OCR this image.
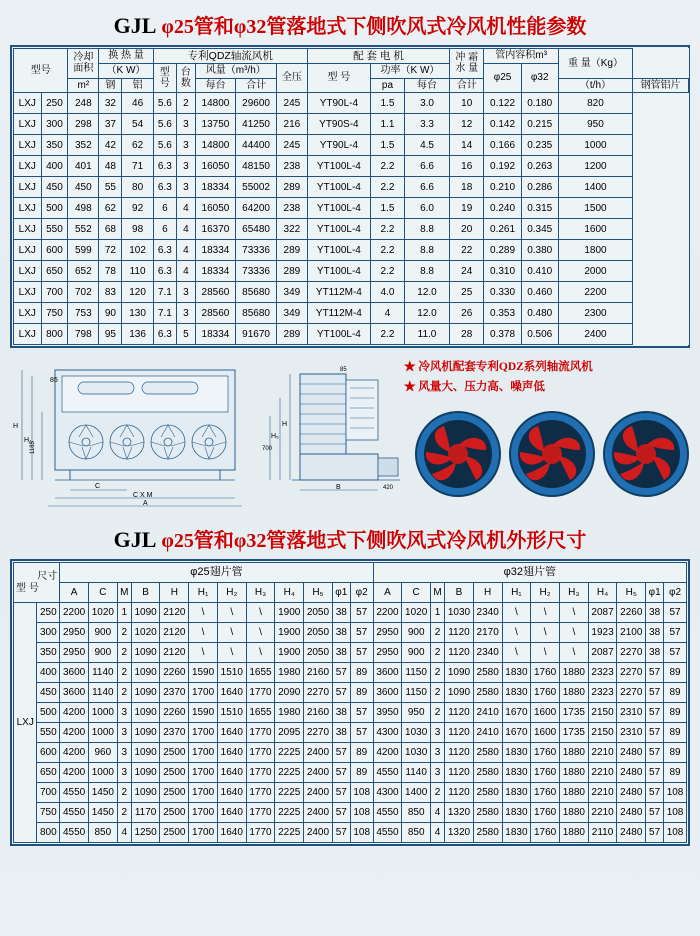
GJL φ25管和φ32管落地式下侧吹风式冷风机性能参数
型号		冷却
面积	换 热 量		专利QDZ轴流风机					配 套 电 机			冲 霜
水 量	管内容积m³		重 量（Kg）	
			（K W）		型
号	台
数	风量（m³/h）		全压	型 号	功率（K W）			φ25	φ32		
		m²	钢	铝			每台	合计			pa	每台	合计			（t/h）	钢管铝片
LXJ	250	248	32	46	5.6	2	14800	29600	245	YT90L-4	1.5	3.0	10	0.122	0.180	820	
LXJ	300	298	37	54	5.6	3	13750	41250	216	YT90S-4	1.1	3.3	12	0.142	0.215	950	
LXJ	350	352	42	62	5.6	3	14800	44400	245	YT90L-4	1.5	4.5	14	0.166	0.235	1000	
LXJ	400	401	48	71	6.3	3	16050	48150	238	YT100L-4	2.2	6.6	16	0.192	0.263	1200	
LXJ	450	450	55	80	6.3	3	18334	55002	289	YT100L-4	2.2	6.6	18	0.210	0.286	1400	
LXJ	500	498	62	92	6	4	16050	64200	238	YT100L-4	1.5	6.0	19	0.240	0.315	1500	
LXJ	550	552	68	98	6	4	16370	65480	322	YT100L-4	2.2	8.8	20	0.261	0.345	1600	
LXJ	600	599	72	102	6.3	4	18334	73336	289	YT100L-4	2.2	8.8	22	0.289	0.380	1800	
LXJ	650	652	78	110	6.3	4	18334	73336	289	YT100L-4	2.2	8.8	24	0.310	0.410	2000	
LXJ	700	702	83	120	7.1	3	28560	85680	349	YT112M-4	4.0	12.0	25	0.330	0.460	2200	
LXJ	750	753	90	130	7.1	3	28560	85680	349	YT112M-4	4	12.0	26	0.353	0.480	2300	
LXJ	800	798	95	136	6.3	5	18334	91670	289	YT100L-4	2.2	11.0	28	0.378	0.506	2400	
★ 冷风机配套专利QDZ系列轴流风机
★ 风量大、压力高、噪声低
H
H₁
1185
C
C X M
A
85
H
H₅
700
B	420
85
GJL φ25管和φ32管落地式下侧吹风式冷风机外形尺寸
尺寸
型 号		φ25翅片管												φ32翅片管											
		A	C	M	B	H	H₁	H₂	H₃	H₄	H₅	φ1	φ2	A	C	M	B	H	H₁	H₂	H₃	H₄	H₅	φ1	φ2
LXJ	250	2200	1020	1	1090	2120	\	\	\	1900	2050	38	57	2200	1020	1	1030	2340	\	\	\	2087	2260	38	57
	300	2950	900	2	1020	2120	\	\	\	1900	2050	38	57	2950	900	2	1120	2170	\	\	\	1923	2100	38	57
	350	2950	900	2	1090	2120	\	\	\	1900	2050	38	57	2950	900	2	1120	2340	\	\	\	2087	2270	38	57
	400	3600	1140	2	1090	2260	1590	1510	1655	1980	2160	57	89	3600	1150	2	1090	2580	1830	1760	1880	2323	2270	57	89
	450	3600	1140	2	1090	2370	1700	1640	1770	2090	2270	57	89	3600	1150	2	1090	2580	1830	1760	1880	2323	2270	57	89
	500	4200	1000	3	1090	2260	1590	1510	1655	1980	2160	38	57	3950	950	2	1120	2410	1670	1600	1735	2150	2310	57	89
	550	4200	1000	3	1090	2370	1700	1640	1770	2095	2270	38	57	4300	1030	3	1120	2410	1670	1600	1735	2150	2310	57	89
	600	4200	960	3	1090	2500	1700	1640	1770	2225	2400	57	89	4200	1030	3	1120	2580	1830	1760	1880	2210	2480	57	89
	650	4200	1000	3	1090	2500	1700	1640	1770	2225	2400	57	89	4550	1140	3	1120	2580	1830	1760	1880	2210	2480	57	89
	700	4550	1450	2	1090	2500	1700	1640	1770	2225	2400	57	108	4300	1400	2	1120	2580	1830	1760	1880	2210	2480	57	108
	750	4550	1450	2	1170	2500	1700	1640	1770	2225	2400	57	108	4550	850	4	1320	2580	1830	1760	1880	2210	2480	57	108
	800	4550	850	4	1250	2500	1700	1640	1770	2225	2400	57	108	4550	850	4	1320	2580	1830	1760	1880	2110	2480	57	108
